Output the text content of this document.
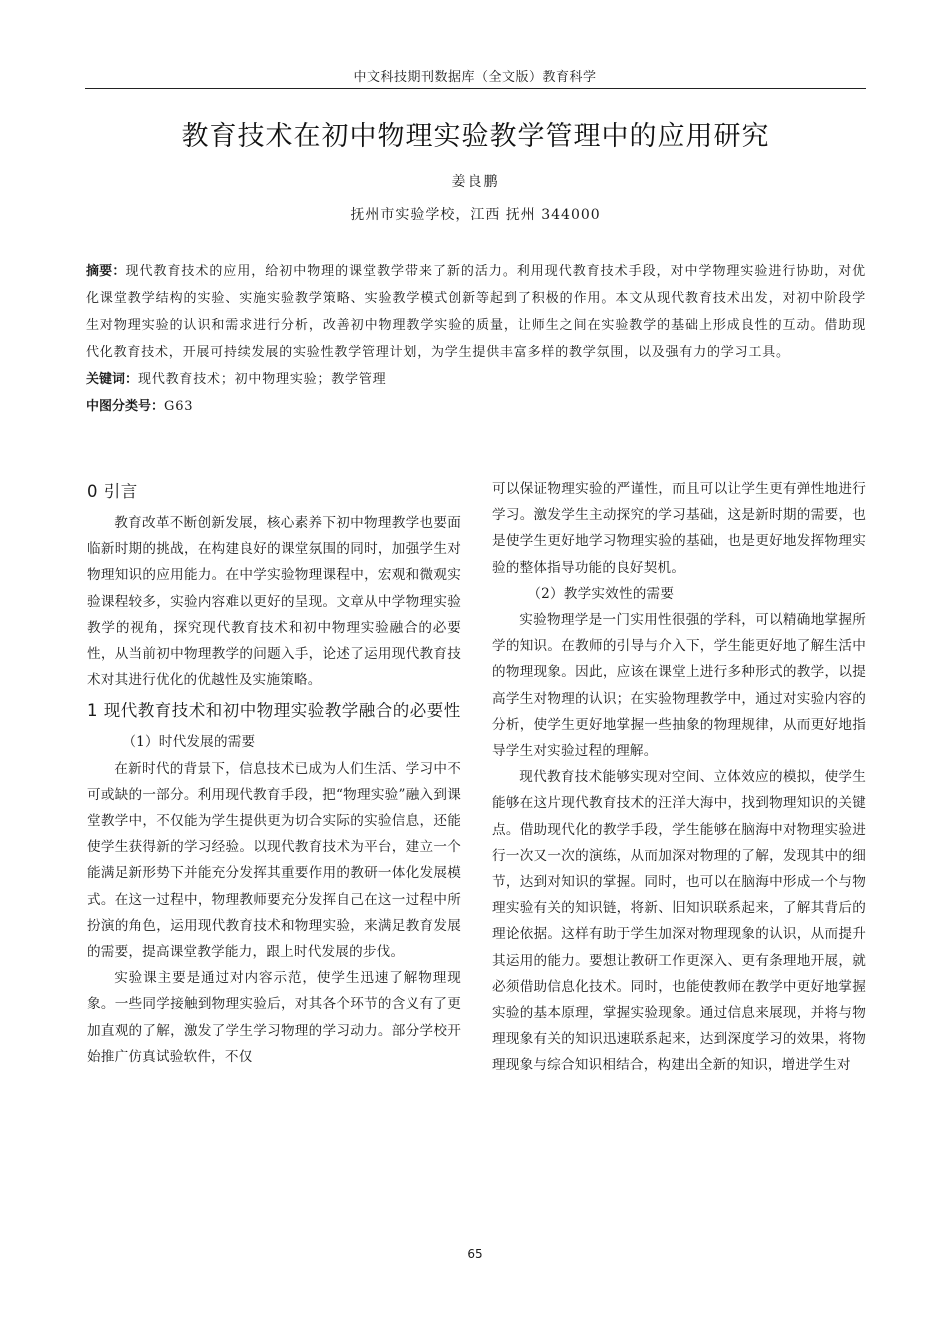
中文科技期刊数据库（全文版）教育科学
教育技术在初中物理实验教学管理中的应用研究
姜良鹏
抚州市实验学校，江西 抚州 344000

摘要：现代教育技术的应用，给初中物理的课堂教学带来了新的活力。利用现代教育技术手段，对中学物理实验进行协助，对优化课堂教学结构的实验、实施实验教学策略、实验教学模式创新等起到了积极的作用。本文从现代教育技术出发，对初中阶段学生对物理实验的认识和需求进行分析，改善初中物理教学实验的质量，让师生之间在实验教学的基础上形成良性的互动。借助现代化教育技术，开展可持续发展的实验性教学管理计划，为学生提供丰富多样的教学氛围，以及强有力的学习工具。

关键词：现代教育技术；初中物理实验；教学管理

中图分类号：G63

0 引言

教育改革不断创新发展，核心素养下初中物理教学也要面临新时期的挑战，在构建良好的课堂氛围的同时，加强学生对物理知识的应用能力。在中学实验物理课程中，宏观和微观实验课程较多，实验内容难以更好的呈现。文章从中学物理实验教学的视角，探究现代教育技术和初中物理实验融合的必要性，从当前初中物理教学的问题入手，论述了运用现代教育技术对其进行优化的优越性及实施策略。

1 现代教育技术和初中物理实验教学融合的必要性

（1）时代发展的需要

在新时代的背景下，信息技术已成为人们生活、学习中不可或缺的一部分。利用现代教育手段，把“物理实验”融入到课堂教学中，不仅能为学生提供更为切合实际的实验信息，还能使学生获得新的学习经验。以现代教育技术为平台，建立一个能满足新形势下并能充分发挥其重要作用的教研一体化发展模式。在这一过程中，物理教师要充分发挥自己在这一过程中所扮演的角色，运用现代教育技术和物理实验，来满足教育发展的需要，提高课堂教学能力，跟上时代发展的步伐。

实验课主要是通过对内容示范，使学生迅速了解物理现象。一些同学接触到物理实验后，对其各个环节的含义有了更加直观的了解，激发了学生学习物理的学习动力。部分学校开始推广仿真试验软件，不仅

可以保证物理实验的严谨性，而且可以让学生更有弹性地进行学习。激发学生主动探究的学习基础，这是新时期的需要，也是使学生更好地学习物理实验的基础，也是更好地发挥物理实验的整体指导功能的良好契机。

（2）教学实效性的需要

实验物理学是一门实用性很强的学科，可以精确地掌握所学的知识。在教师的引导与介入下，学生能更好地了解生活中的物理现象。因此，应该在课堂上进行多种形式的教学，以提高学生对物理的认识；在实验物理教学中，通过对实验内容的分析，使学生更好地掌握一些抽象的物理规律，从而更好地指导学生对实验过程的理解。

现代教育技术能够实现对空间、立体效应的模拟，使学生能够在这片现代教育技术的汪洋大海中，找到物理知识的关键点。借助现代化的教学手段，学生能够在脑海中对物理实验进行一次又一次的演练，从而加深对物理的了解，发现其中的细节，达到对知识的掌握。同时，也可以在脑海中形成一个与物理实验有关的知识链，将新、旧知识联系起来，了解其背后的理论依据。这样有助于学生加深对物理现象的认识，从而提升其运用的能力。要想让教研工作更深入、更有条理地开展，就必须借助信息化技术。同时，也能使教师在教学中更好地掌握实验的基本原理，掌握实验现象。通过信息来展现，并将与物理现象有关的知识迅速联系起来，达到深度学习的效果，将物理现象与综合知识相结合，构建出全新的知识，增进学生对

65
